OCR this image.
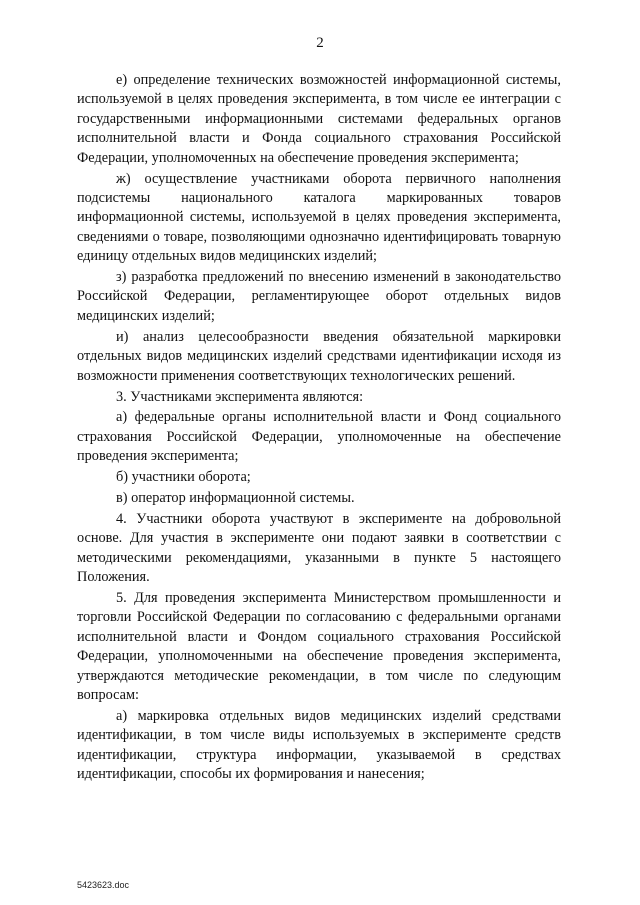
2

е) определение технических возможностей информационной системы, используемой в целях проведения эксперимента, в том числе ее интеграции с государственными информационными системами федеральных органов исполнительной власти и Фонда социального страхования Российской Федерации, уполномоченных на обеспечение проведения эксперимента;

ж) осуществление участниками оборота первичного наполнения подсистемы национального каталога маркированных товаров информационной системы, используемой в целях проведения эксперимента, сведениями о товаре, позволяющими однозначно идентифицировать товарную единицу отдельных видов медицинских изделий;

з) разработка предложений по внесению изменений в законодательство Российской Федерации, регламентирующее оборот отдельных видов медицинских изделий;

и) анализ целесообразности введения обязательной маркировки отдельных видов медицинских изделий средствами идентификации исходя из возможности применения соответствующих технологических решений.

3. Участниками эксперимента являются:

а) федеральные органы исполнительной власти и Фонд социального страхования Российской Федерации, уполномоченные на обеспечение проведения эксперимента;

б) участники оборота;

в) оператор информационной системы.

4. Участники оборота участвуют в эксперименте на добровольной основе. Для участия в эксперименте они подают заявки в соответствии с методическими рекомендациями, указанными в пункте 5 настоящего Положения.

5. Для проведения эксперимента Министерством промышленности и торговли Российской Федерации по согласованию с федеральными органами исполнительной власти и Фондом социального страхования Российской Федерации, уполномоченными на обеспечение проведения эксперимента, утверждаются методические рекомендации, в том числе по следующим вопросам:

а) маркировка отдельных видов медицинских изделий средствами идентификации, в том числе виды используемых в эксперименте средств идентификации, структура информации, указываемой в средствах идентификации, способы их формирования и нанесения;

5423623.doc
